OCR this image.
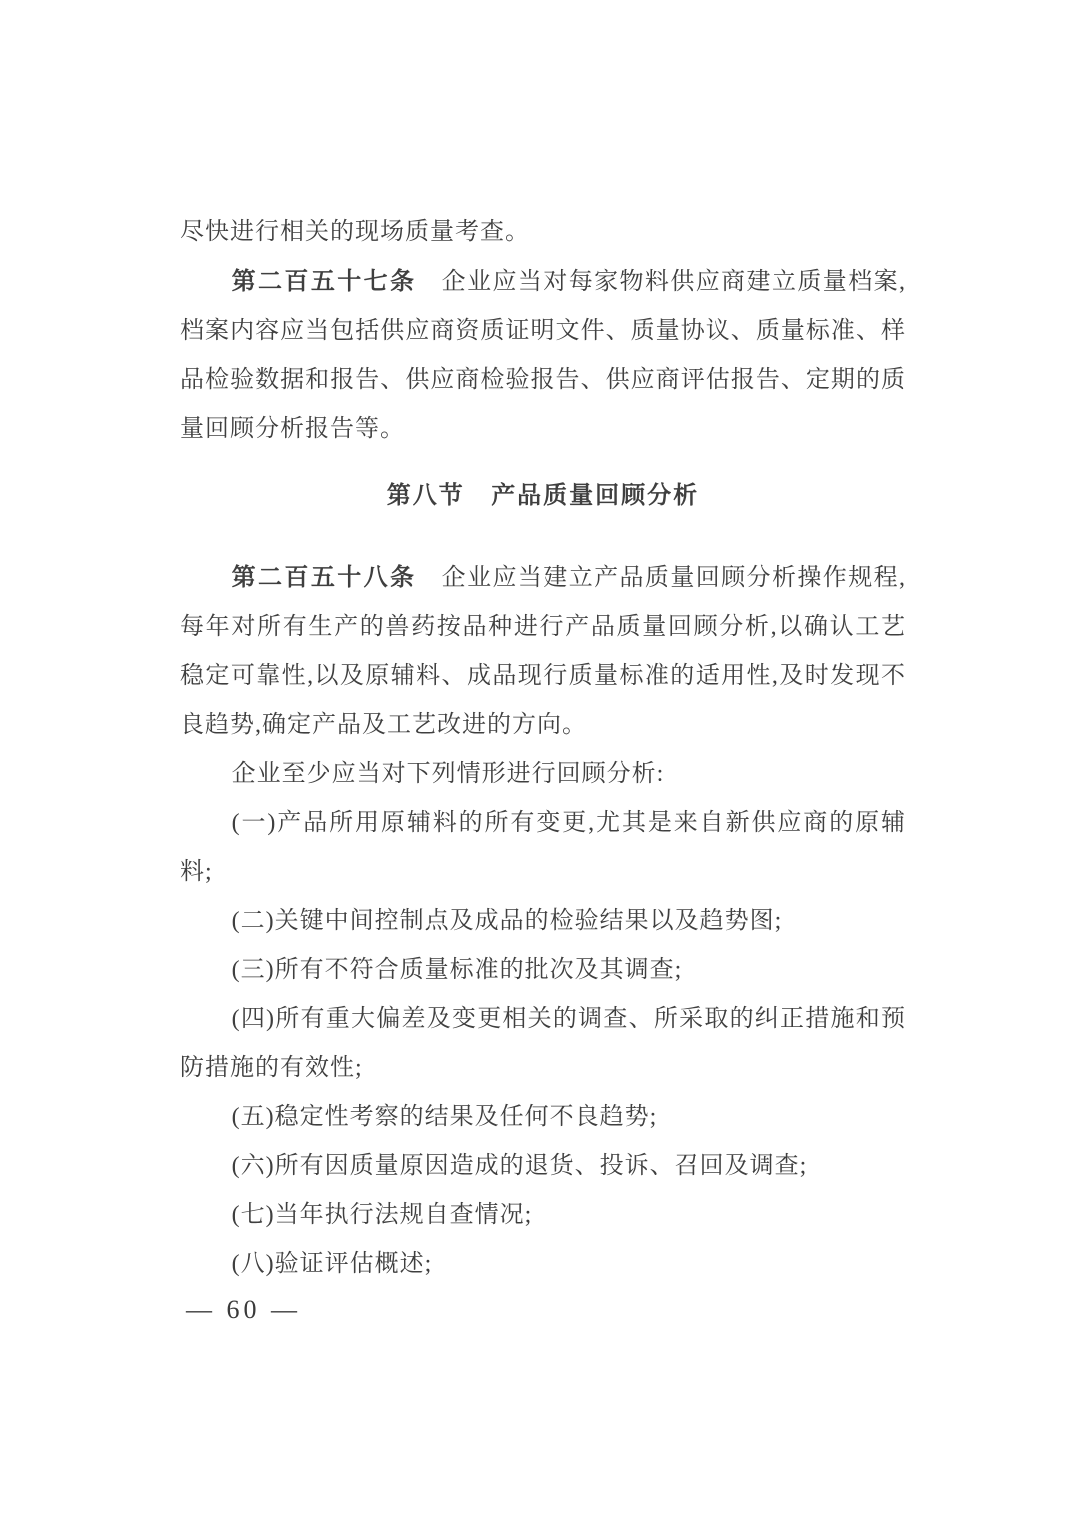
尽快进行相关的现场质量考查。

第二百五十七条 企业应当对每家物料供应商建立质量档案,档案内容应当包括供应商资质证明文件、质量协议、质量标准、样品检验数据和报告、供应商检验报告、供应商评估报告、定期的质量回顾分析报告等。

第八节 产品质量回顾分析

第二百五十八条 企业应当建立产品质量回顾分析操作规程,每年对所有生产的兽药按品种进行产品质量回顾分析,以确认工艺稳定可靠性,以及原辅料、成品现行质量标准的适用性,及时发现不良趋势,确定产品及工艺改进的方向。

企业至少应当对下列情形进行回顾分析:

(一)产品所用原辅料的所有变更,尤其是来自新供应商的原辅料;

(二)关键中间控制点及成品的检验结果以及趋势图;

(三)所有不符合质量标准的批次及其调查;

(四)所有重大偏差及变更相关的调查、所采取的纠正措施和预防措施的有效性;

(五)稳定性考察的结果及任何不良趋势;

(六)所有因质量原因造成的退货、投诉、召回及调查;

(七)当年执行法规自查情况;

(八)验证评估概述;

— 60 —
